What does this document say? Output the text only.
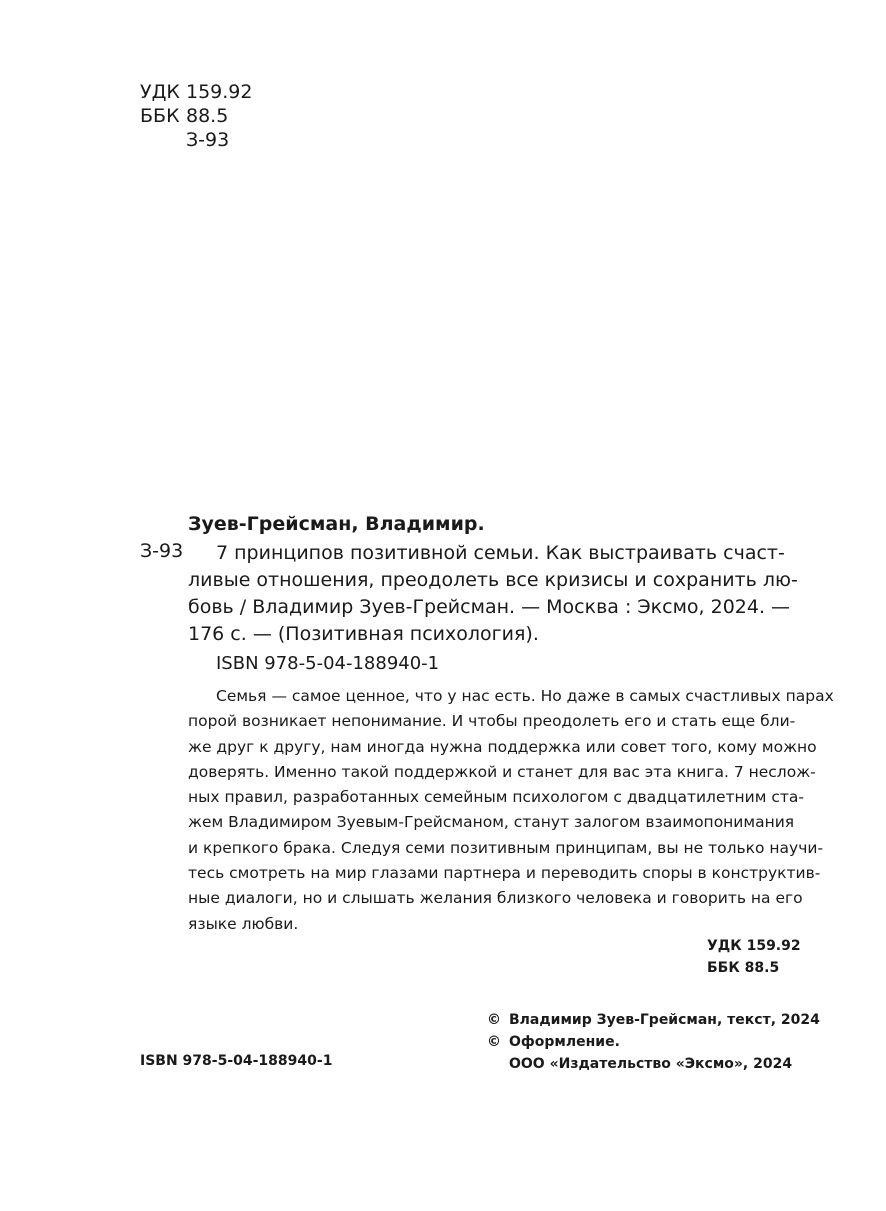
УДК 159.92
ББК 88.5
З-93
Зуев-Грейсман, Владимир.
З-93	7 принципов позитивной семьи. Как выстраивать счаст-
ливые отношения, преодолеть все кризисы и сохранить лю-
бовь / Владимир Зуев-Грейсман. — Москва : Эксмо, 2024. —
176 с. — (Позитивная психология).
ISBN 978-5-04-188940-1
Семья — самое ценное, что у нас есть. Но даже в самых счастливых парах
порой возникает непонимание. И чтобы преодолеть его и стать еще бли-
же друг к другу, нам иногда нужна поддержка или совет того, кому можно
доверять. Именно такой поддержкой и станет для вас эта книга. 7 неслож-
ных правил, разработанных семейным психологом с двадцатилетним ста-
жем Владимиром Зуевым-Грейсманом, станут залогом взаимопонимания
и крепкого брака. Следуя семи позитивным принципам, вы не только научи-
тесь смотреть на мир глазами партнера и переводить споры в конструктив-
ные диалоги, но и слышать желания близкого человека и говорить на его
языке любви.
УДК 159.92
ББК 88.5
© Владимир Зуев-Грейсман, текст, 2024
© Оформление.
ООО «Издательство «Эксмо», 2024
ISBN 978-5-04-188940-1
